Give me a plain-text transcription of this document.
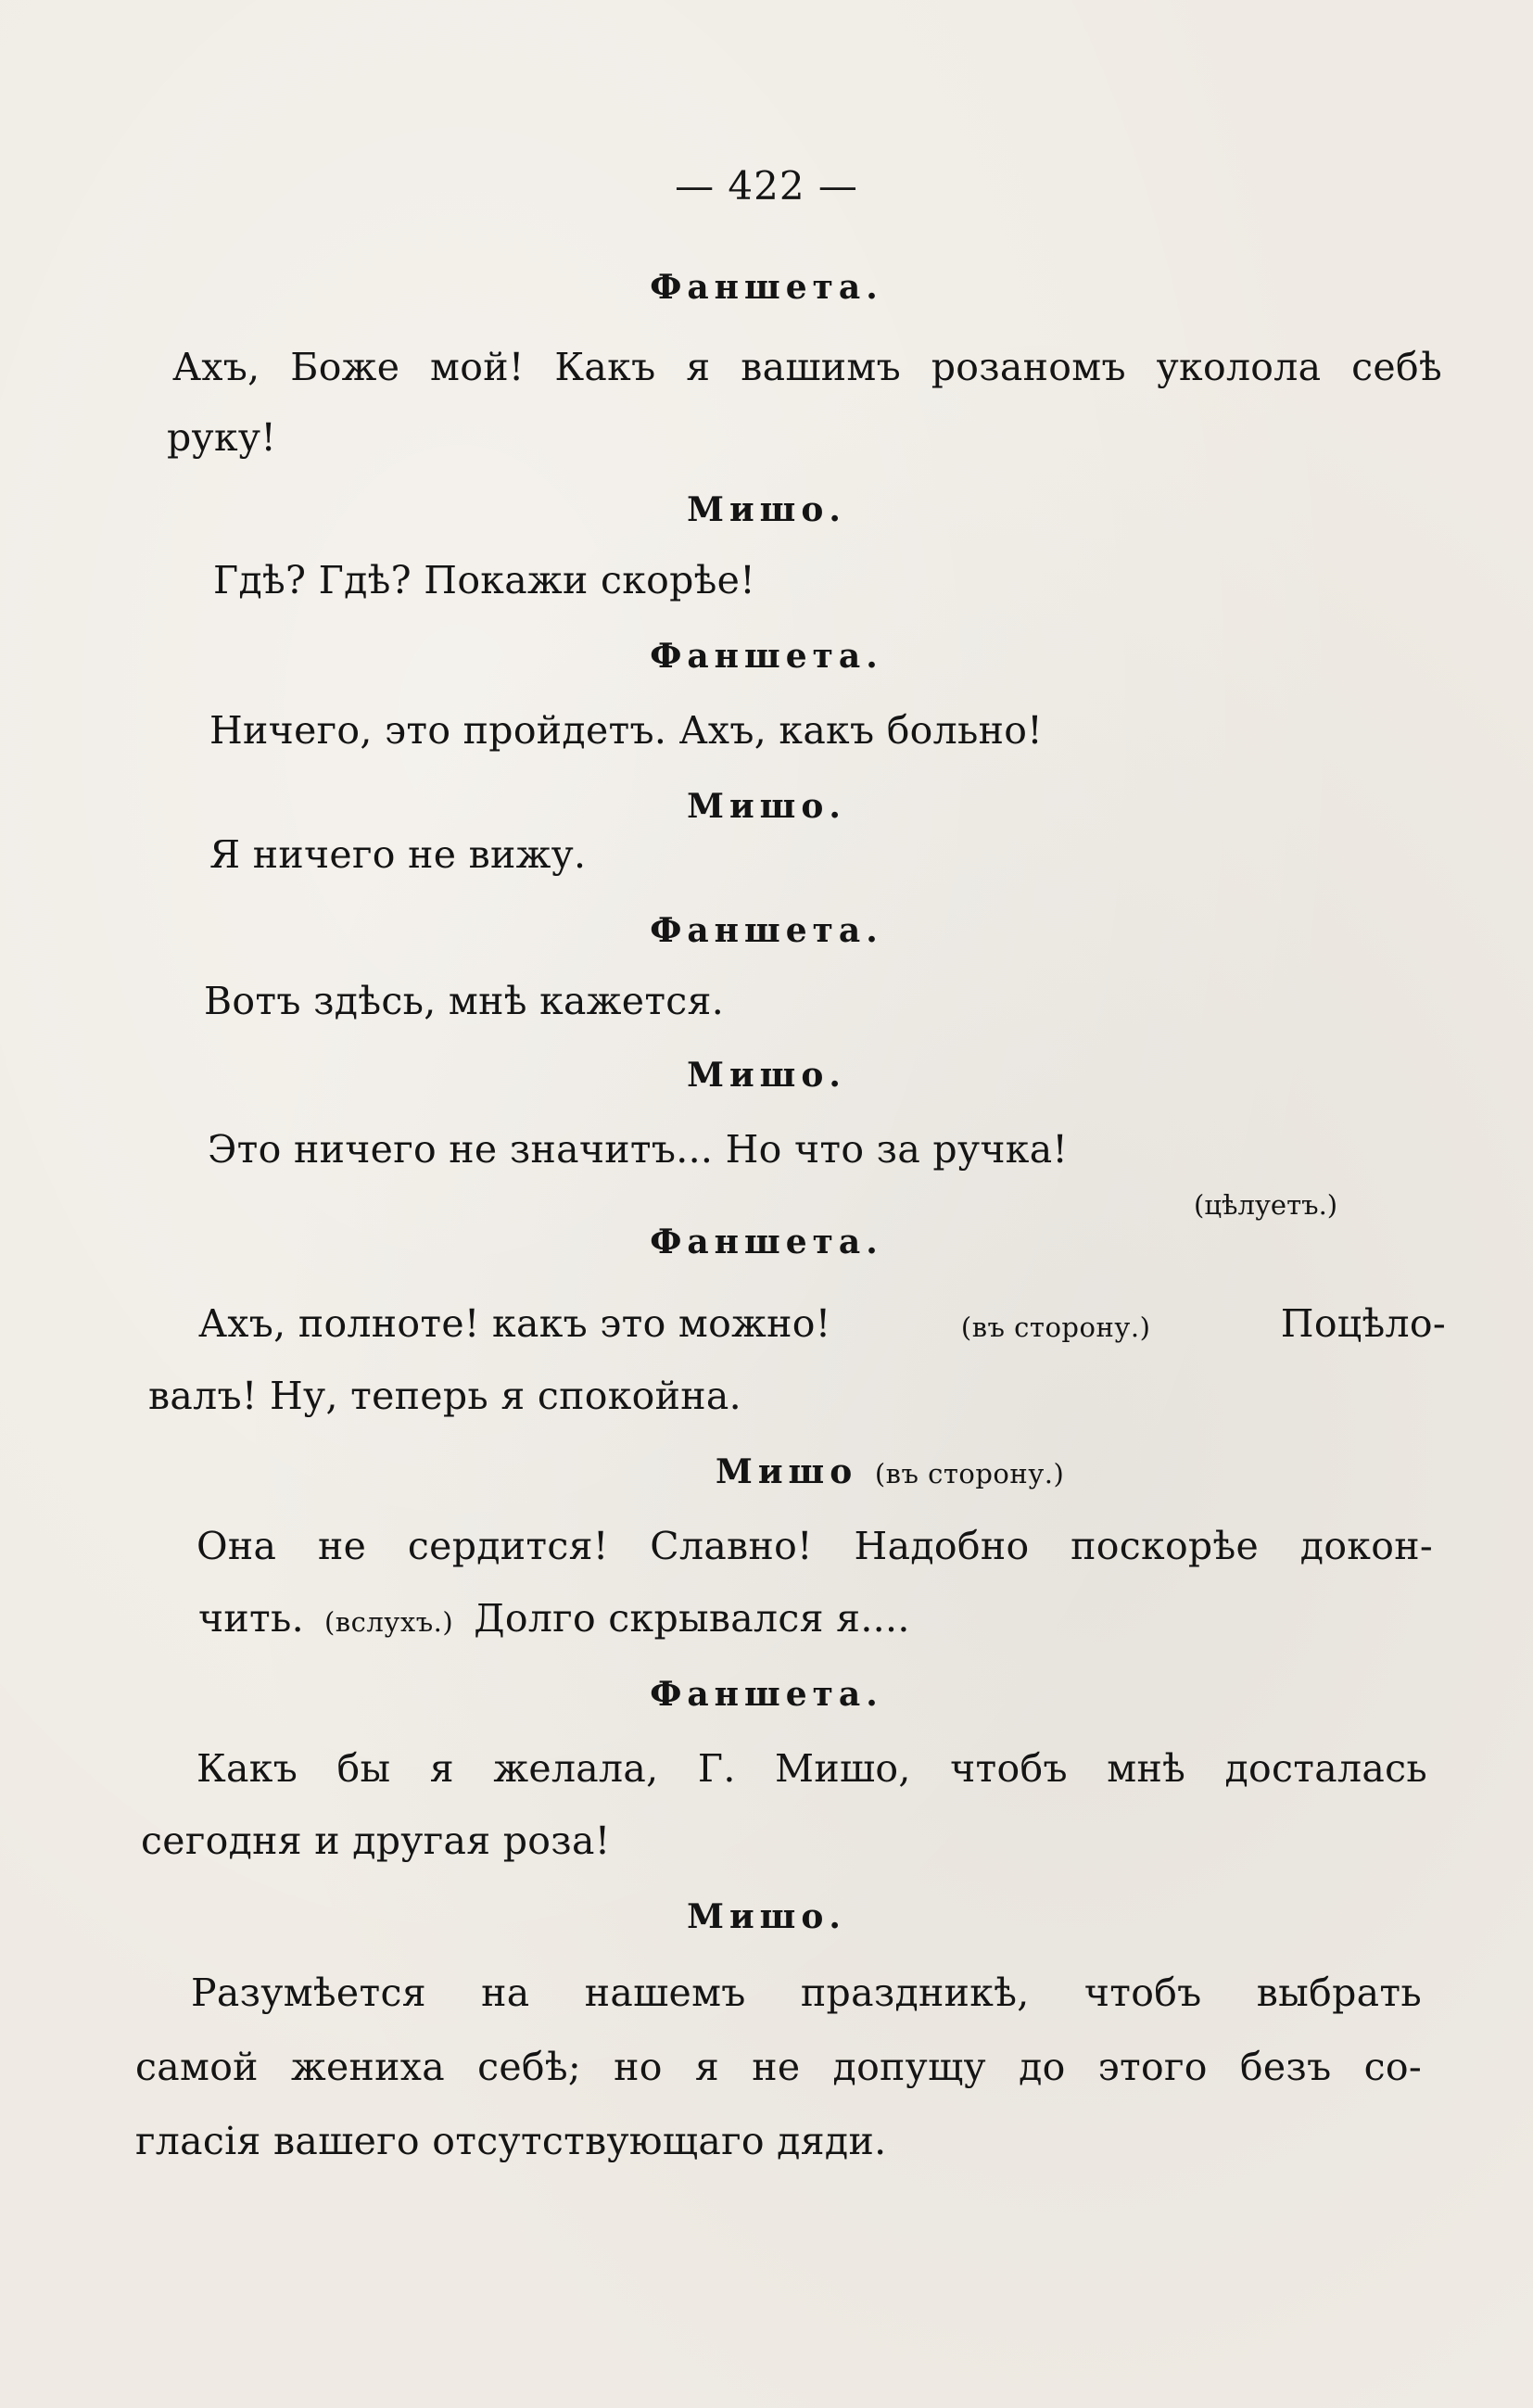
— 422 —
Фаншета.
Ахъ, Боже мой! Какъ я вашимъ розаномъ уколола себѣ
руку!
Мишо.
Гдѣ? Гдѣ? Покажи скорѣе!
Фаншета.
Ничего, это пройдетъ. Ахъ, какъ больно!
Мишо.
Я ничего не вижу.
Фаншета.
Вотъ здѣсь, мнѣ кажется.
Мишо.
Это ничего не значитъ... Но что за ручка!
(цѣлуетъ.)
Фаншета.
Ахъ, полноте! какъ это можно!	(въ сторону.)	Поцѣло-
валъ! Ну, теперь я спокойна.
Мишо (въ сторону.)
Она не сердится! Славно! Надобно поскорѣе докон-
чить. (вслухъ.) Долго скрывался я....
Фаншета.
Какъ бы я желала, Г. Мишо, чтобъ мнѣ досталась
сегодня и другая роза!
Мишо.
Разумѣется на нашемъ праздникѣ, чтобъ выбрать
самой жениха себѣ; но я не допущу до этого безъ со-
гласія вашего отсутствующаго дяди.
